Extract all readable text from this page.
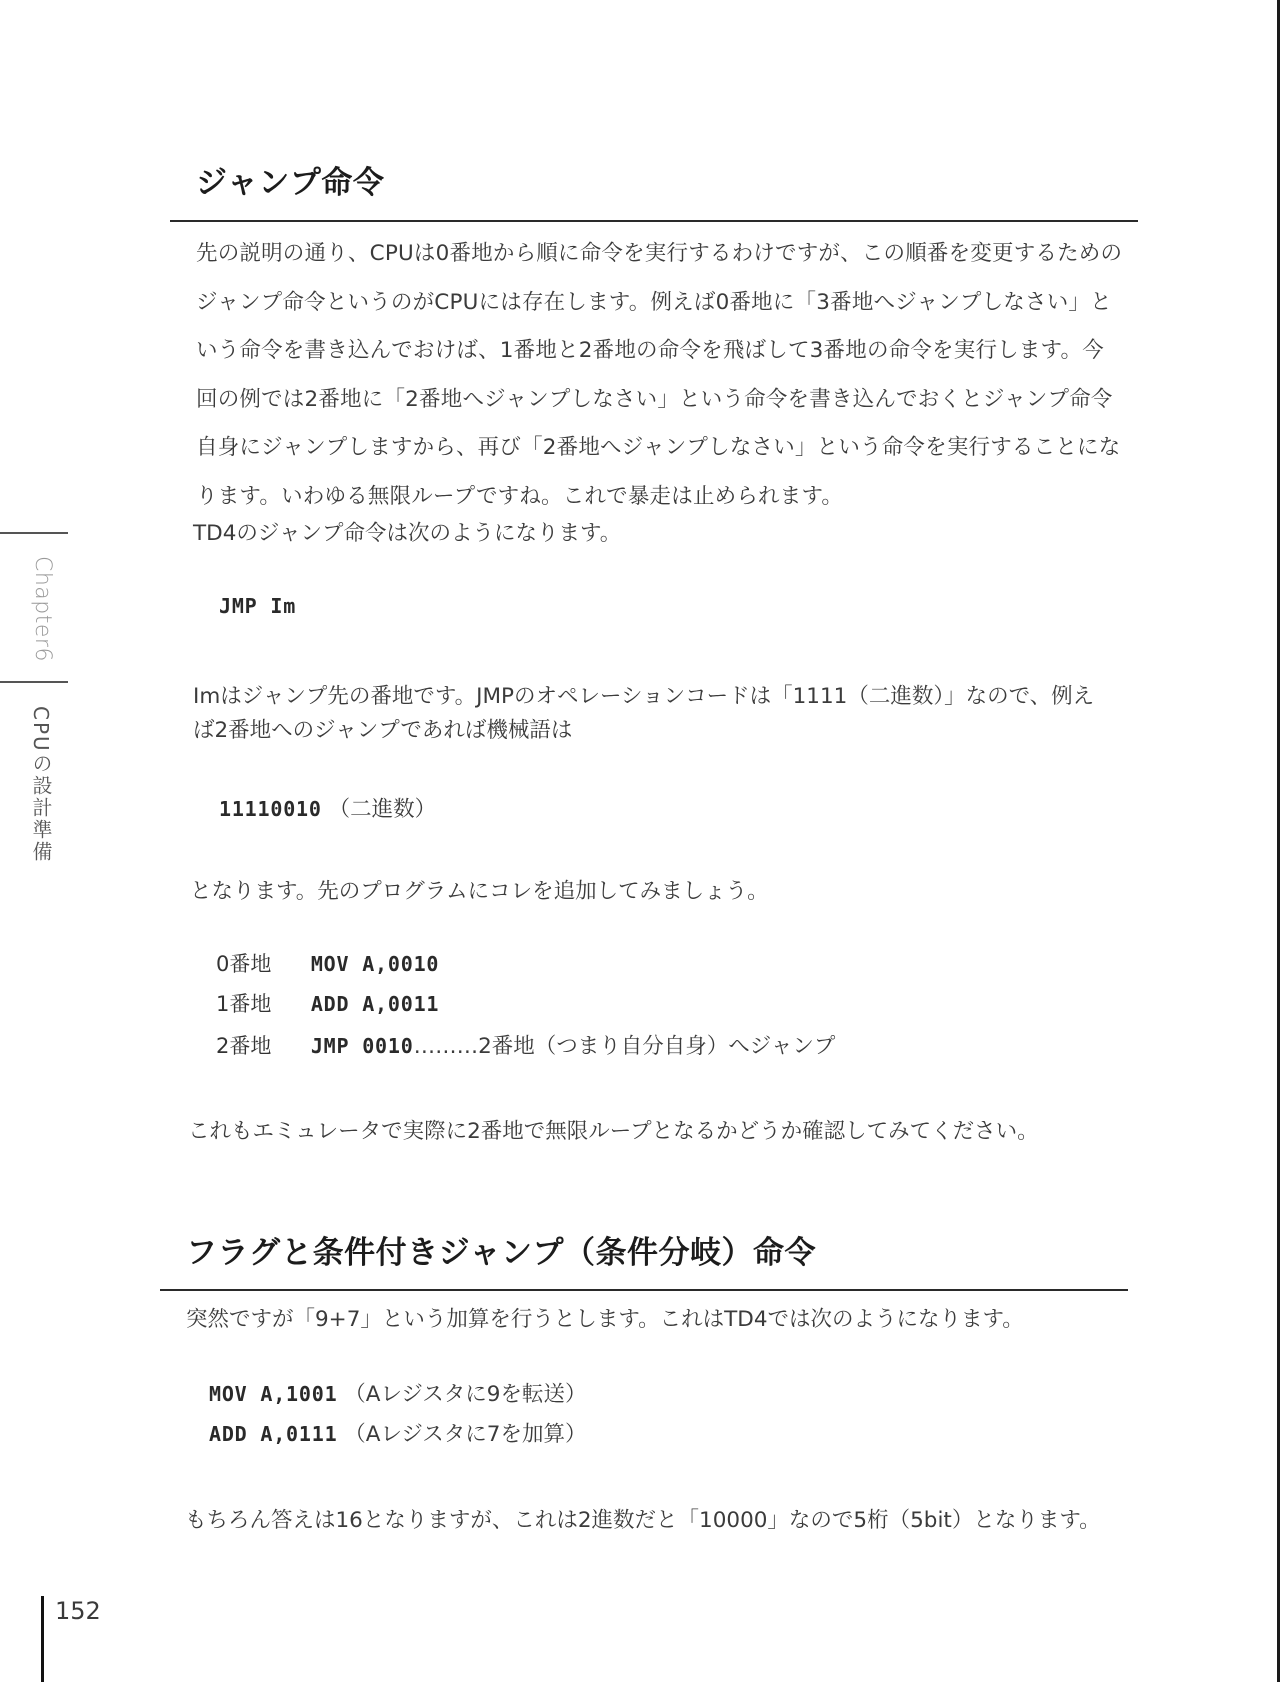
Chapter6
CPUの設計準備
ジャンプ命令
先の説明の通り、CPUは0番地から順に命令を実行するわけですが、この順番を変更するための
ジャンプ命令というのがCPUには存在します。例えば0番地に「3番地へジャンプしなさい」と
いう命令を書き込んでおけば、1番地と2番地の命令を飛ばして3番地の命令を実行します。今
回の例では2番地に「2番地へジャンプしなさい」という命令を書き込んでおくとジャンプ命令
自身にジャンプしますから、再び「2番地へジャンプしなさい」という命令を実行することにな
ります。いわゆる無限ループですね。これで暴走は止められます。
TD4のジャンプ命令は次のようになります。
JMP Im
Imはジャンプ先の番地です。JMPのオペレーションコードは「1111（二進数）」なので、例え
ば2番地へのジャンプであれば機械語は
11110010 （二進数）
となります。先のプログラムにコレを追加してみましょう。
0番地 MOV A,0010
1番地 ADD A,0011
2番地 JMP 0010………2番地（つまり自分自身）へジャンプ
これもエミュレータで実際に2番地で無限ループとなるかどうか確認してみてください。
フラグと条件付きジャンプ（条件分岐）命令
突然ですが「9+7」という加算を行うとします。これはTD4では次のようになります。
MOV A,1001 （Aレジスタに9を転送）
ADD A,0111 （Aレジスタに7を加算）
もちろん答えは16となりますが、これは2進数だと「10000」なので5桁（5bit）となります。
152
